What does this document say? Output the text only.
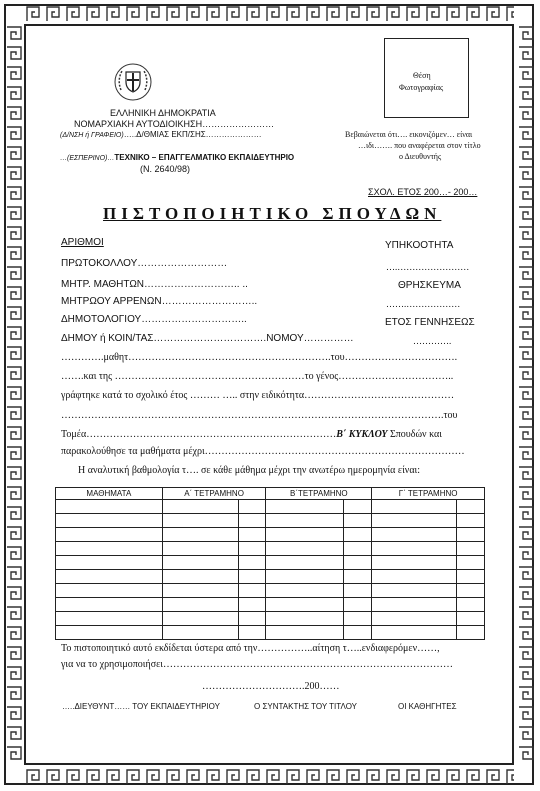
ΕΛΛΗΝΙΚΗ ΔΗΜΟΚΡΑΤΙΑ
ΝΟΜΑΡΧΙΑΚΗ ΑΥΤΟΔΙΟΙΚΗΣΗ……………………
(Δ/ΝΣΗ ή ΓΡΑΦΕΙΟ)…..Δ/ΘΜΙΑΣ ΕΚΠ/ΣΗΣ…………………
…(ΕΣΠΕΡΙΝΟ)…ΤΕΧΝΙΚΟ – ΕΠΑΓΓΕΛΜΑΤΙΚΟ ΕΚΠΑΙΔΕΥΤΗΡΙΟ
(Ν. 2640/98)
Θέση
Φωτογραφίας
Βεβαιώνεται ότι…. εικονιζόμεν… είναι
…ιδι……. που αναφέρεται στον τίτλο
ο Διευθυντής
ΣΧΟΛ. ΕΤΟΣ 200…- 200…
ΠΙΣΤΟΠΟΙΗΤΙΚΟ ΣΠΟΥΔΩΝ
ΑΡΙΘΜΟΙ	ΥΠΗΚΟΟΤΗΤΑ
ΠΡΩΤΟΚΟΛΛΟΥ………………………	….……………………
ΜΗΤΡ. ΜΑΘΗΤΩΝ……………………….. ..	ΘΡΗΣΚΕΥΜΑ
ΜΗΤΡΩΟΥ ΑΡΡΕΝΩΝ………………………..	…….………………
ΔΗΜΟΤΟΛΟΓΙΟΥ…………………………..	ΕΤΟΣ ΓΕΝΝΗΣΕΩΣ
ΔΗΜΟΥ ή ΚΟΙΝ/ΤΑΣ…………………………….ΝΟΜΟΥ……………	………….
………….μαθητ…………………………………………………….του…………………………….
…….και της …………………………………………………το γένος……………………………..
γράφτηκε κατά το σχολικό έτος ……… ….. στην ειδικότητα………………………………………
…………………………………………………………………………………………………….του
Τομέα…………………………………………………………………Β΄ ΚΥΚΛΟΥ Σπουδών και
παρακολούθησε τα μαθήματα μέχρι……………………………………………………………………
Η αναλυτική βαθμολογία τ…. σε κάθε μάθημα μέχρι την ανωτέρω ημερομηνία είναι:
ΜΑΘΗΜΑΤΑ	Α΄ ΤΕΤΡΑΜΗΝΟ		Β΄ΤΕΤΡΑΜΗΝΟ		Γ΄ ΤΕΤΡΑΜΗΝΟ	

Το πιστοποιητικό αυτό εκδίδεται ύστερα από την……………..αίτηση τ…..ενδιαφερόμεν……,
για να το χρησιμοποιήσει……………………………………………………………………………
………………………….200……
…..ΔΙΕΥΘΥΝΤ…… ΤΟΥ ΕΚΠΑΙΔΕΥΤΗΡΙΟΥ	Ο ΣΥΝΤΑΚΤΗΣ ΤΟΥ ΤΙΤΛΟΥ	ΟΙ ΚΑΘΗΓΗΤΕΣ
